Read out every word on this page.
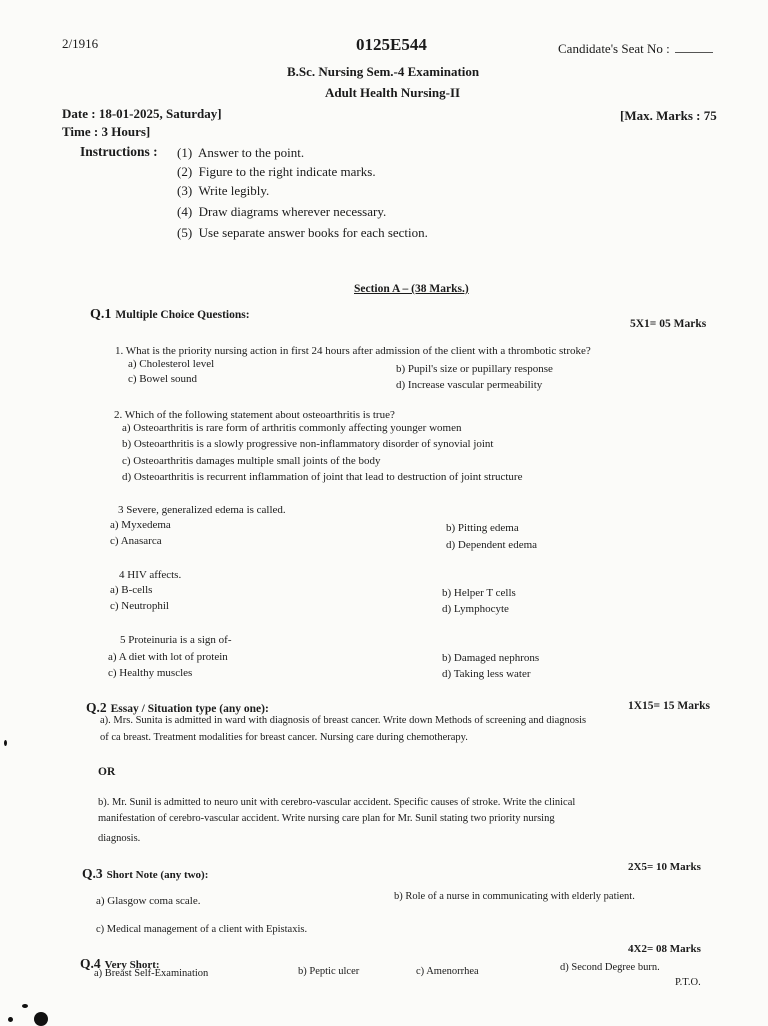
2/1916	0125E544	Candidate's Seat No :
B.Sc. Nursing Sem.-4 Examination
Adult Health Nursing-II
Date : 18-01-2025, Saturday]	[Max. Marks : 75
Time : 3 Hours]
Instructions : (1) Answer to the point.
(2) Figure to the right indicate marks.
(3) Write legibly.
(4) Draw diagrams wherever necessary.
(5) Use separate answer books for each section.
Section A – (38 Marks.)
Q.1 Multiple Choice Questions:
5X1= 05 Marks
1. What is the priority nursing action in first 24 hours after admission of the client with a thrombotic stroke?
a) Cholesterol level	b) Pupil's size or pupillary response
c) Bowel sound	d) Increase vascular permeability
2. Which of the following statement about osteoarthritis is true?
a) Osteoarthritis is rare form of arthritis commonly affecting younger women
b) Osteoarthritis is a slowly progressive non-inflammatory disorder of synovial joint
c) Osteoarthritis damages multiple small joints of the body
d) Osteoarthritis is recurrent inflammation of joint that lead to destruction of joint structure
3 Severe, generalized edema is called.
a) Myxedema	b) Pitting edema
c) Anasarca	d) Dependent edema
4 HIV affects.
a) B-cells	b) Helper T cells
c) Neutrophil	d) Lymphocyte
5 Proteinuria is a sign of-
a) A diet with lot of protein	b) Damaged nephrons
c) Healthy muscles	d) Taking less water
Q.2 Essay / Situation type (any one):	1X15= 15 Marks
a). Mrs. Sunita is admitted in ward with diagnosis of breast cancer. Write down Methods of screening and diagnosis
of ca breast. Treatment modalities for breast cancer. Nursing care during chemotherapy.
OR
b). Mr. Sunil is admitted to neuro unit with cerebro-vascular accident. Specific causes of stroke. Write the clinical
manifestation of cerebro-vascular accident. Write nursing care plan for Mr. Sunil stating two priority nursing
diagnosis.
Q.3 Short Note (any two):
2X5= 10 Marks
a) Glasgow coma scale.	b) Role of a nurse in communicating with elderly patient.
c) Medical management of a client with Epistaxis.
4X2= 08 Marks
Q.4 Very Short:
a) Breast Self-Examination	b) Peptic ulcer	c) Amenorrhea	d) Second Degree burn.
P.T.O.
